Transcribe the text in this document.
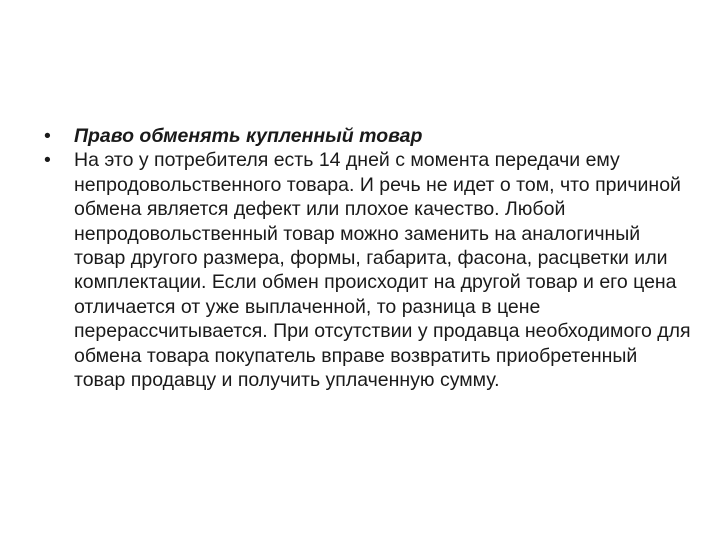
• Право обменять купленный товар
• На это у потребителя есть 14 дней с момента передачи ему непродовольственного товара. И речь не идет о том, что причиной обмена является дефект или плохое качество. Любой непродовольственный товар можно заменить на аналогичный товар другого размера, формы, габарита, фасона, расцветки или комплектации. Если обмен происходит на другой товар и его цена отличается от уже выплаченной, то разница в цене перерассчитывается. При отсутствии у продавца необходимого для обмена товара покупатель вправе возвратить приобретенный товар продавцу и получить уплаченную сумму.
